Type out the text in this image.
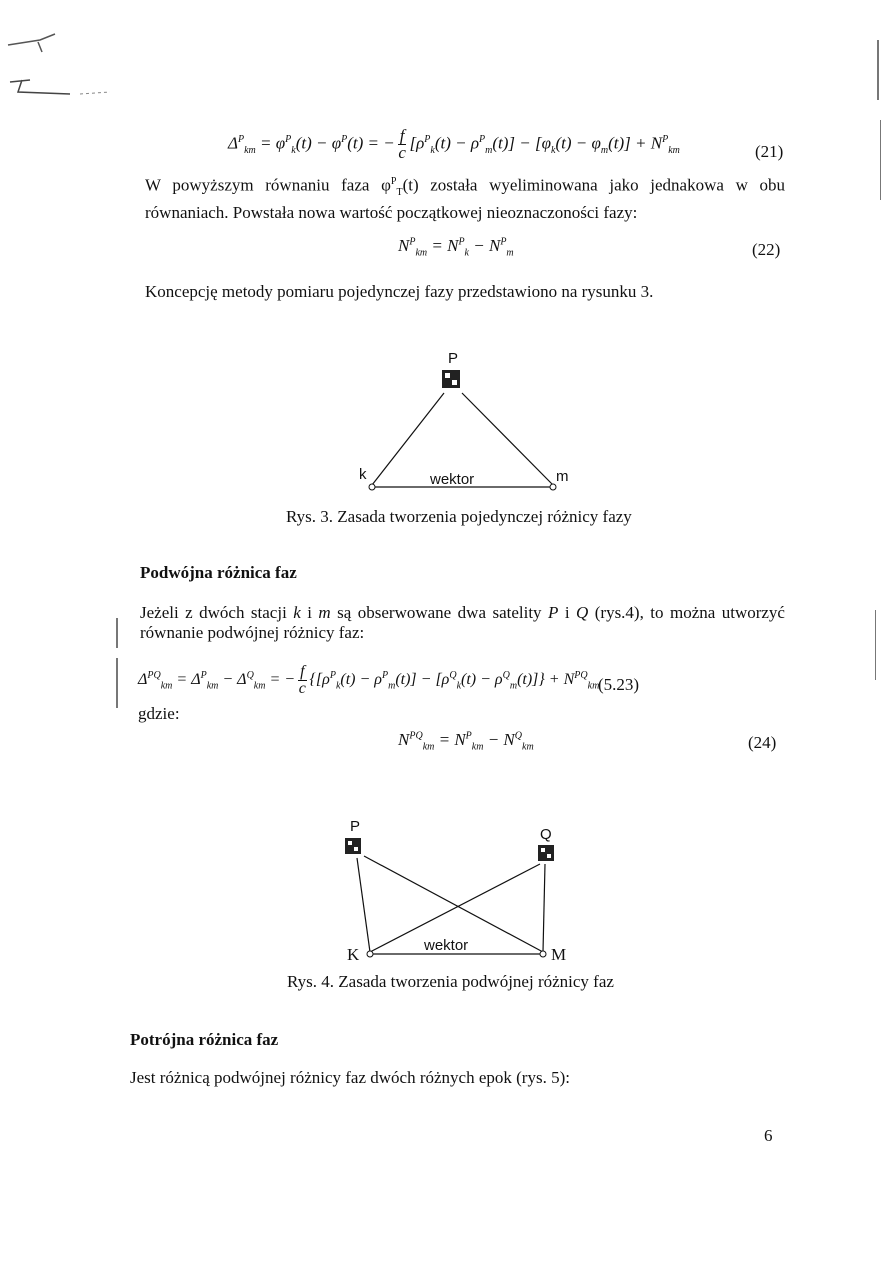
$\Delta^P_{km} = \varphi^P_k(t) - \varphi^P(t)$ = − $\frac{f}{c} [\rho^P_k(t) - \rho^P_m(t)] - [\varphi_k(t) - \varphi_m(t)] + N^P_{km}$	(21)
W powyższym równaniu faza $\varphi^P_T(t)$ została wyeliminowana jako jednakowa w obu równaniach. Powstała nowa wartość początkowej nieoznaczoności fazy:
$N^P_{km} = N^P_k - N^P_m$	(22)
Koncepcję metody pomiaru pojedynczej fazy przedstawiono na rysunku 3.
P
k	m
wektor
Rys. 3. Zasada tworzenia pojedynczej różnicy fazy
Podwójna różnica faz
Jeżeli z dwóch stacji k i m są obserwowane dwa satelity P i Q (rys.4), to można utworzyć równanie podwójnej różnicy faz:
$\Delta^{PQ}_{km} = \Delta^P_{km} - \Delta^Q_{km}$ = − $\frac{f}{c} \{[\rho^P_k(t) - \rho^P_m(t)] - [\rho^Q_k(t) - \rho^Q_m(t)]\} + N^{PQ}_{km}$
(5.23)
gdzie:
$N^{PQ}_{km} = N^P_{km} - N^Q_{km}$	(24)
P	Q
K	M
wektor
Rys. 4. Zasada tworzenia podwójnej różnicy faz
Potrójna różnica faz
Jest różnicą podwójnej różnicy faz dwóch różnych epok (rys. 5):
6
